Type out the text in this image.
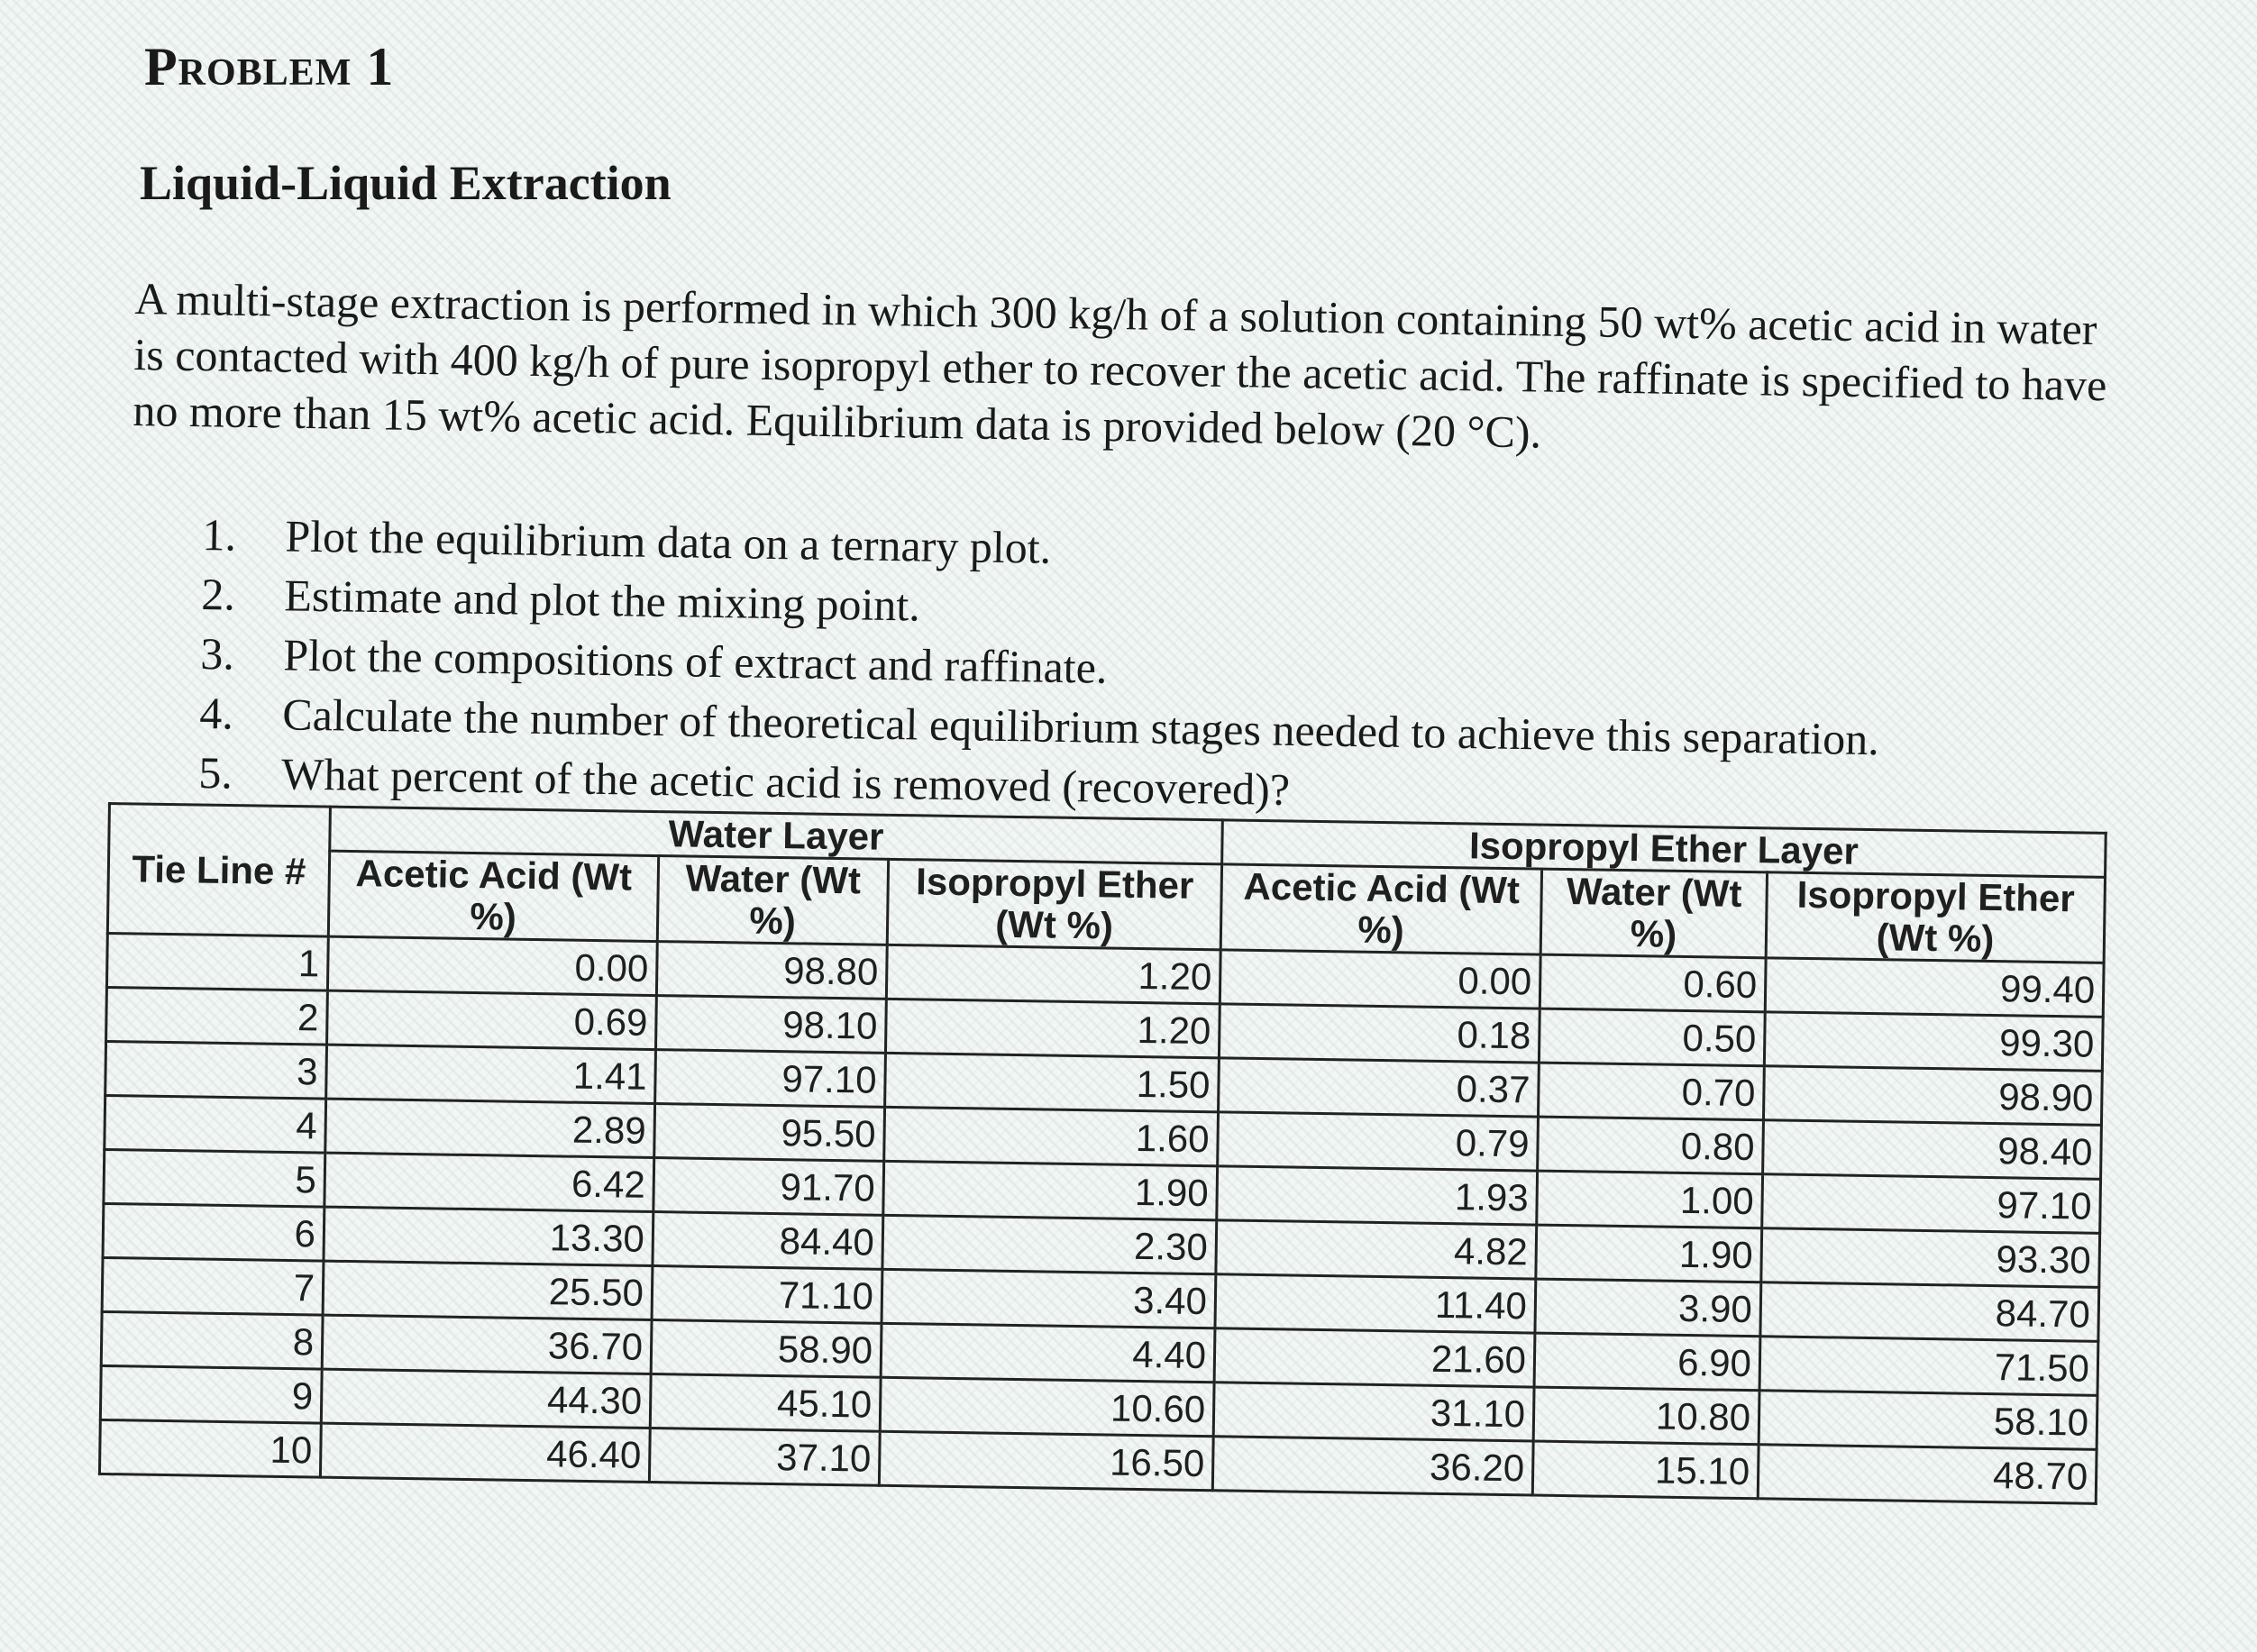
Problem 1
Liquid-Liquid Extraction

A multi-stage extraction is performed in which 300 kg/h of a solution containing 50 wt% acetic acid in water is contacted with 400 kg/h of pure isopropyl ether to recover the acetic acid. The raffinate is specified to have no more than 15 wt% acetic acid. Equilibrium data is provided below (20 °C).

1.	Plot the equilibrium data on a ternary plot.
2.	Estimate and plot the mixing point.
3.	Plot the compositions of extract and raffinate.
4.	Calculate the number of theoretical equilibrium stages needed to achieve this separation.
5.	What percent of the acetic acid is removed (recovered)?
Tie Line #	Water Layer			Isopropyl Ether Layer		
	Acetic Acid (Wt %)	Water (Wt %)	Isopropyl Ether (Wt %)	Acetic Acid (Wt %)	Water (Wt %)	Isopropyl Ether (Wt %)
1	0.00	98.80	1.20	0.00	0.60	99.40
2	0.69	98.10	1.20	0.18	0.50	99.30
3	1.41	97.10	1.50	0.37	0.70	98.90
4	2.89	95.50	1.60	0.79	0.80	98.40
5	6.42	91.70	1.90	1.93	1.00	97.10
6	13.30	84.40	2.30	4.82	1.90	93.30
7	25.50	71.10	3.40	11.40	3.90	84.70
8	36.70	58.90	4.40	21.60	6.90	71.50
9	44.30	45.10	10.60	31.10	10.80	58.10
10	46.40	37.10	16.50	36.20	15.10	48.70
